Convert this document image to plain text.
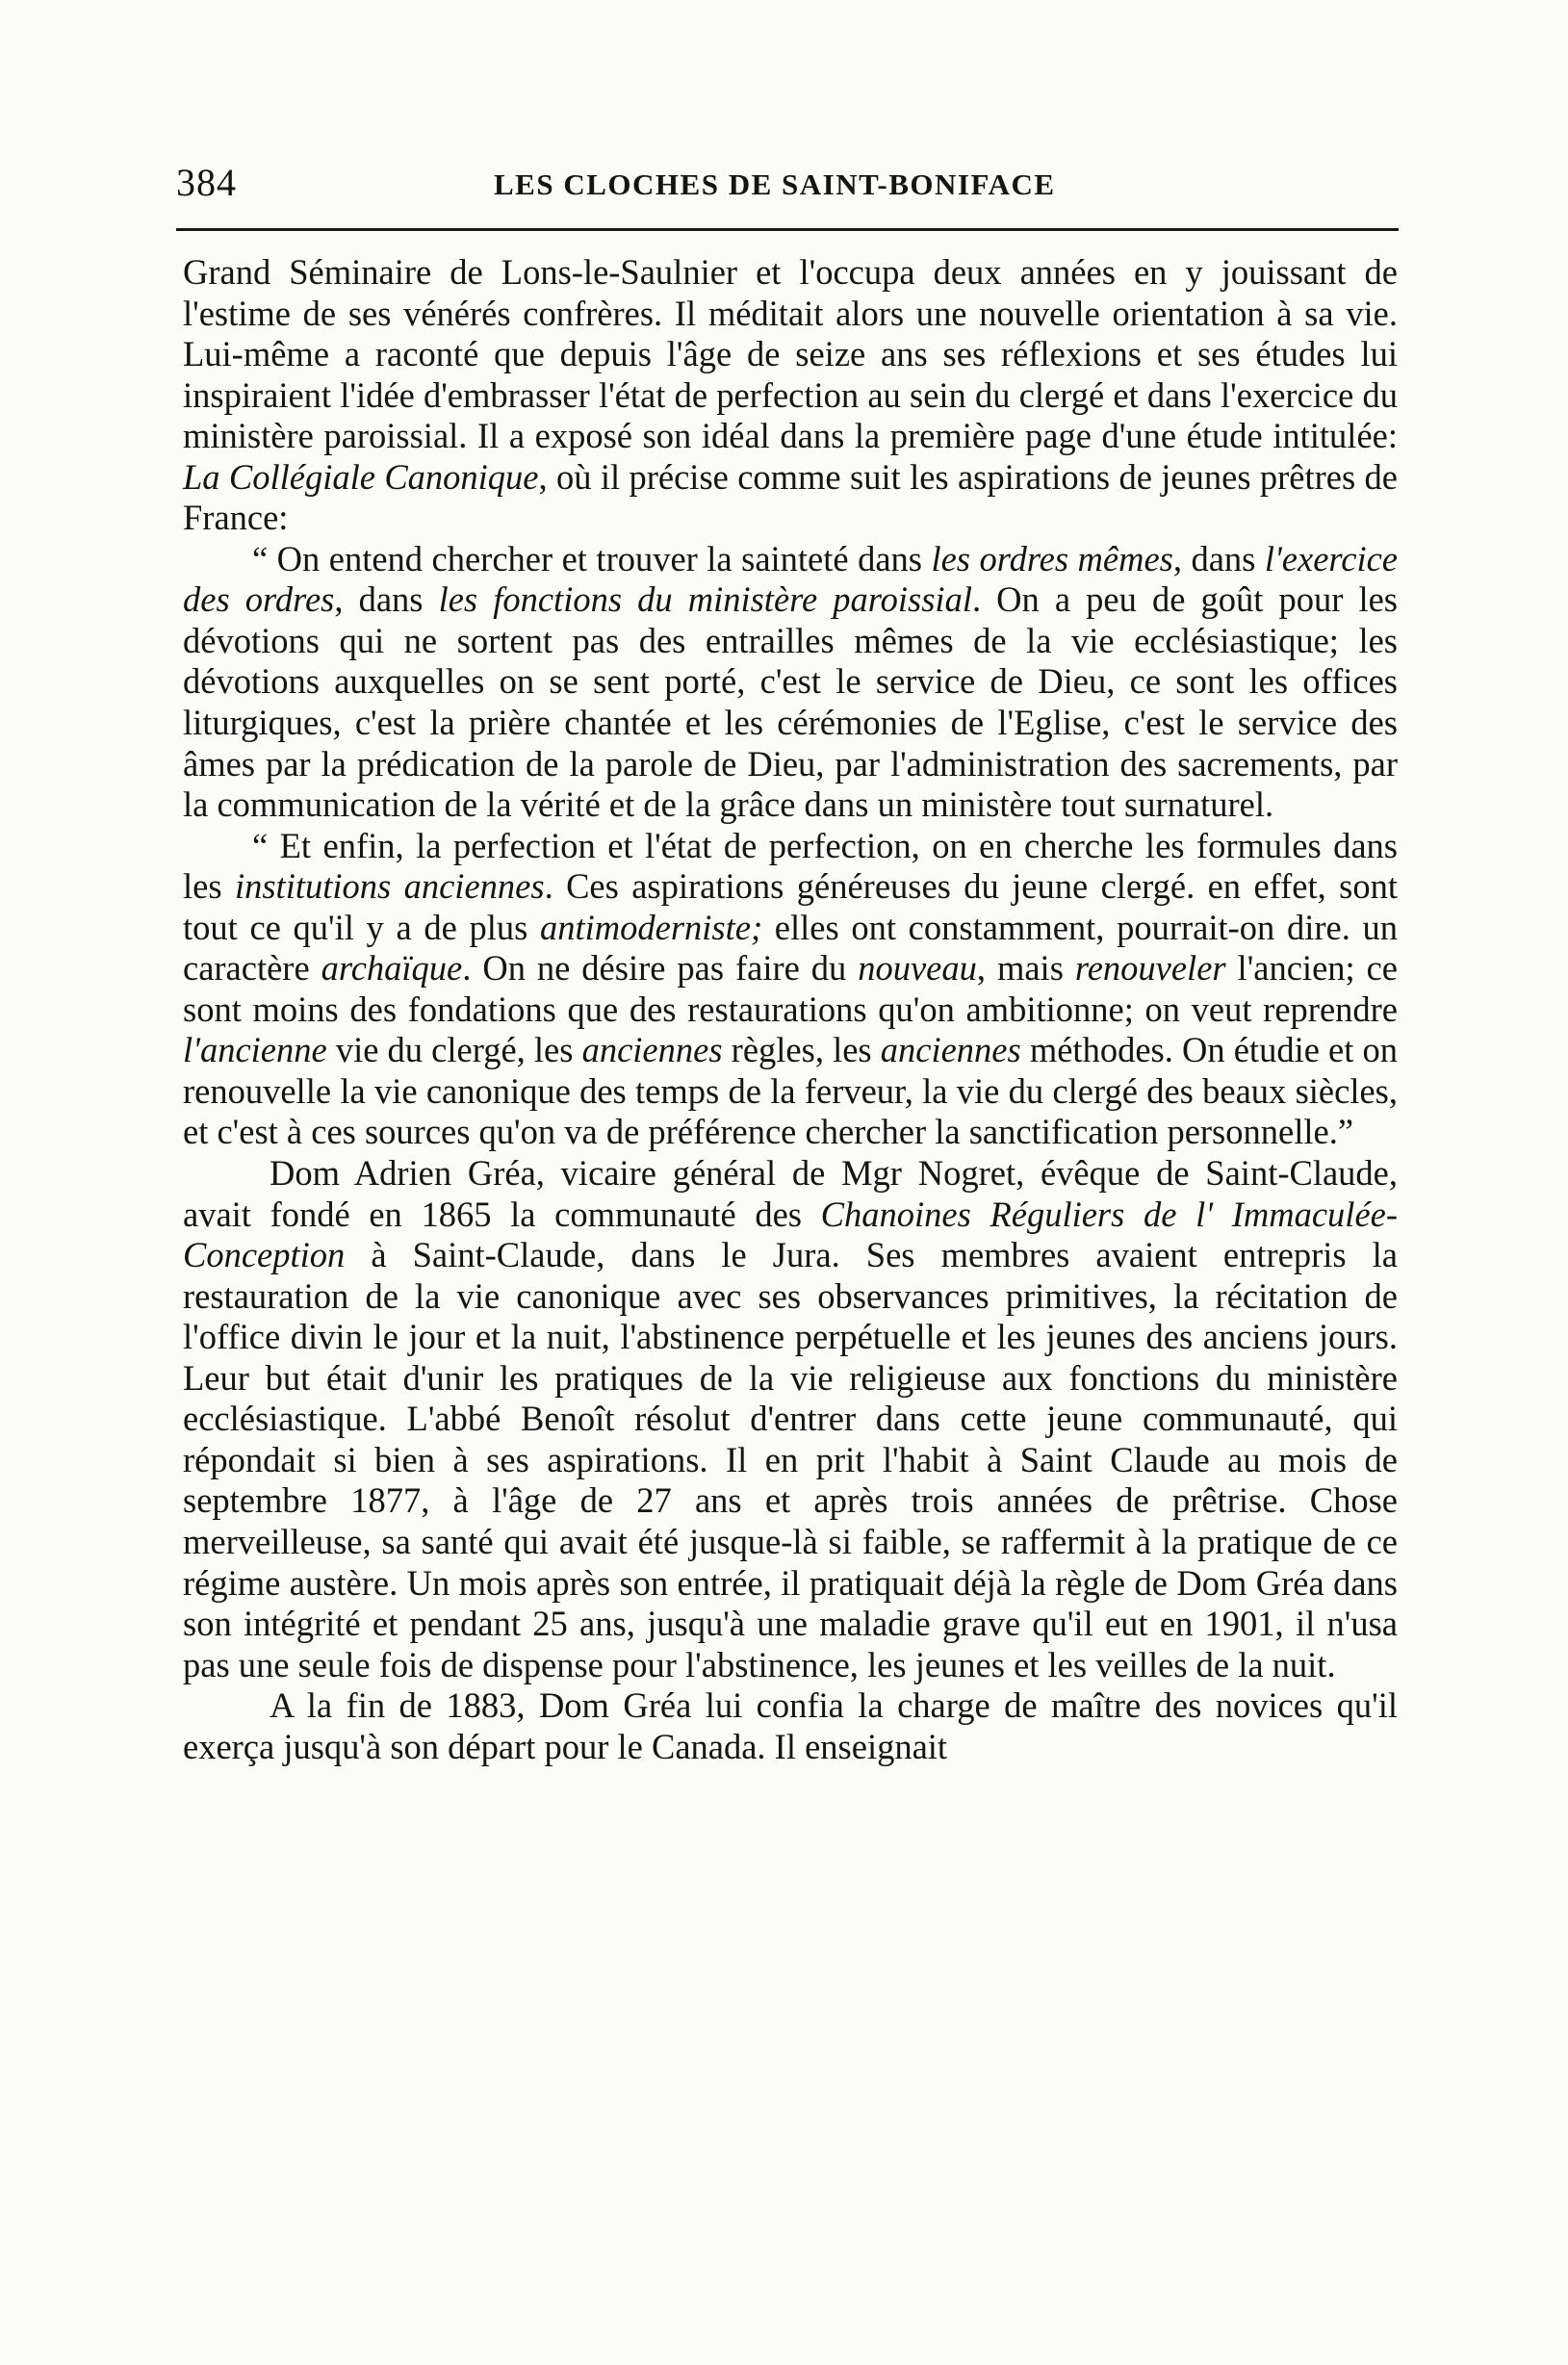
384	LES CLOCHES DE SAINT-BONIFACE

Grand Séminaire de Lons-le-Saulnier et l'occupa deux années en y jouissant de l'estime de ses vénérés confrères. Il méditait alors une nouvelle orientation à sa vie. Lui-même a raconté que depuis l'âge de seize ans ses réflexions et ses études lui inspiraient l'idée d'embrasser l'état de perfection au sein du clergé et dans l'exercice du ministère paroissial. Il a exposé son idéal dans la première page d'une étude intitulée: La Collégiale Canonique, où il précise comme suit les aspirations de jeunes prêtres de France:

“ On entend chercher et trouver la sainteté dans les ordres mêmes, dans l'exercice des ordres, dans les fonctions du ministère paroissial. On a peu de goût pour les dévotions qui ne sortent pas des entrailles mêmes de la vie ecclésiastique; les dévotions auxquelles on se sent porté, c'est le service de Dieu, ce sont les offices liturgiques, c'est la prière chantée et les cérémonies de l'Eglise, c'est le service des âmes par la prédication de la parole de Dieu, par l'administration des sacrements, par la communication de la vérité et de la grâce dans un ministère tout surnaturel.

“ Et enfin, la perfection et l'état de perfection, on en cherche les formules dans les institutions anciennes. Ces aspirations généreuses du jeune clergé. en effet, sont tout ce qu'il y a de plus antimoderniste; elles ont constamment, pourrait-on dire. un caractère archaïque. On ne désire pas faire du nouveau, mais renouveler l'ancien; ce sont moins des fondations que des restaurations qu'on ambitionne; on veut reprendre l'ancienne vie du clergé, les anciennes règles, les anciennes méthodes. On étudie et on renouvelle la vie canonique des temps de la ferveur, la vie du clergé des beaux siècles, et c'est à ces sources qu'on va de préférence chercher la sanctification personnelle.”

Dom Adrien Gréa, vicaire général de Mgr Nogret, évêque de Saint-Claude, avait fondé en 1865 la communauté des Chanoines Réguliers de l' Immaculée-Conception à Saint-Claude, dans le Jura. Ses membres avaient entrepris la restauration de la vie canonique avec ses observances primitives, la récitation de l'office divin le jour et la nuit, l'abstinence perpétuelle et les jeunes des anciens jours. Leur but était d'unir les pratiques de la vie religieuse aux fonctions du ministère ecclésiastique. L'abbé Benoît résolut d'entrer dans cette jeune communauté, qui répondait si bien à ses aspirations. Il en prit l'habit à Saint Claude au mois de septembre 1877, à l'âge de 27 ans et après trois années de prêtrise. Chose merveilleuse, sa santé qui avait été jusque-là si faible, se raffermit à la pratique de ce régime austère. Un mois après son entrée, il pratiquait déjà la règle de Dom Gréa dans son intégrité et pendant 25 ans, jusqu'à une maladie grave qu'il eut en 1901, il n'usa pas une seule fois de dispense pour l'abstinence, les jeunes et les veilles de la nuit.

A la fin de 1883, Dom Gréa lui confia la charge de maître des novices qu'il exerça jusqu'à son départ pour le Canada. Il enseignait
